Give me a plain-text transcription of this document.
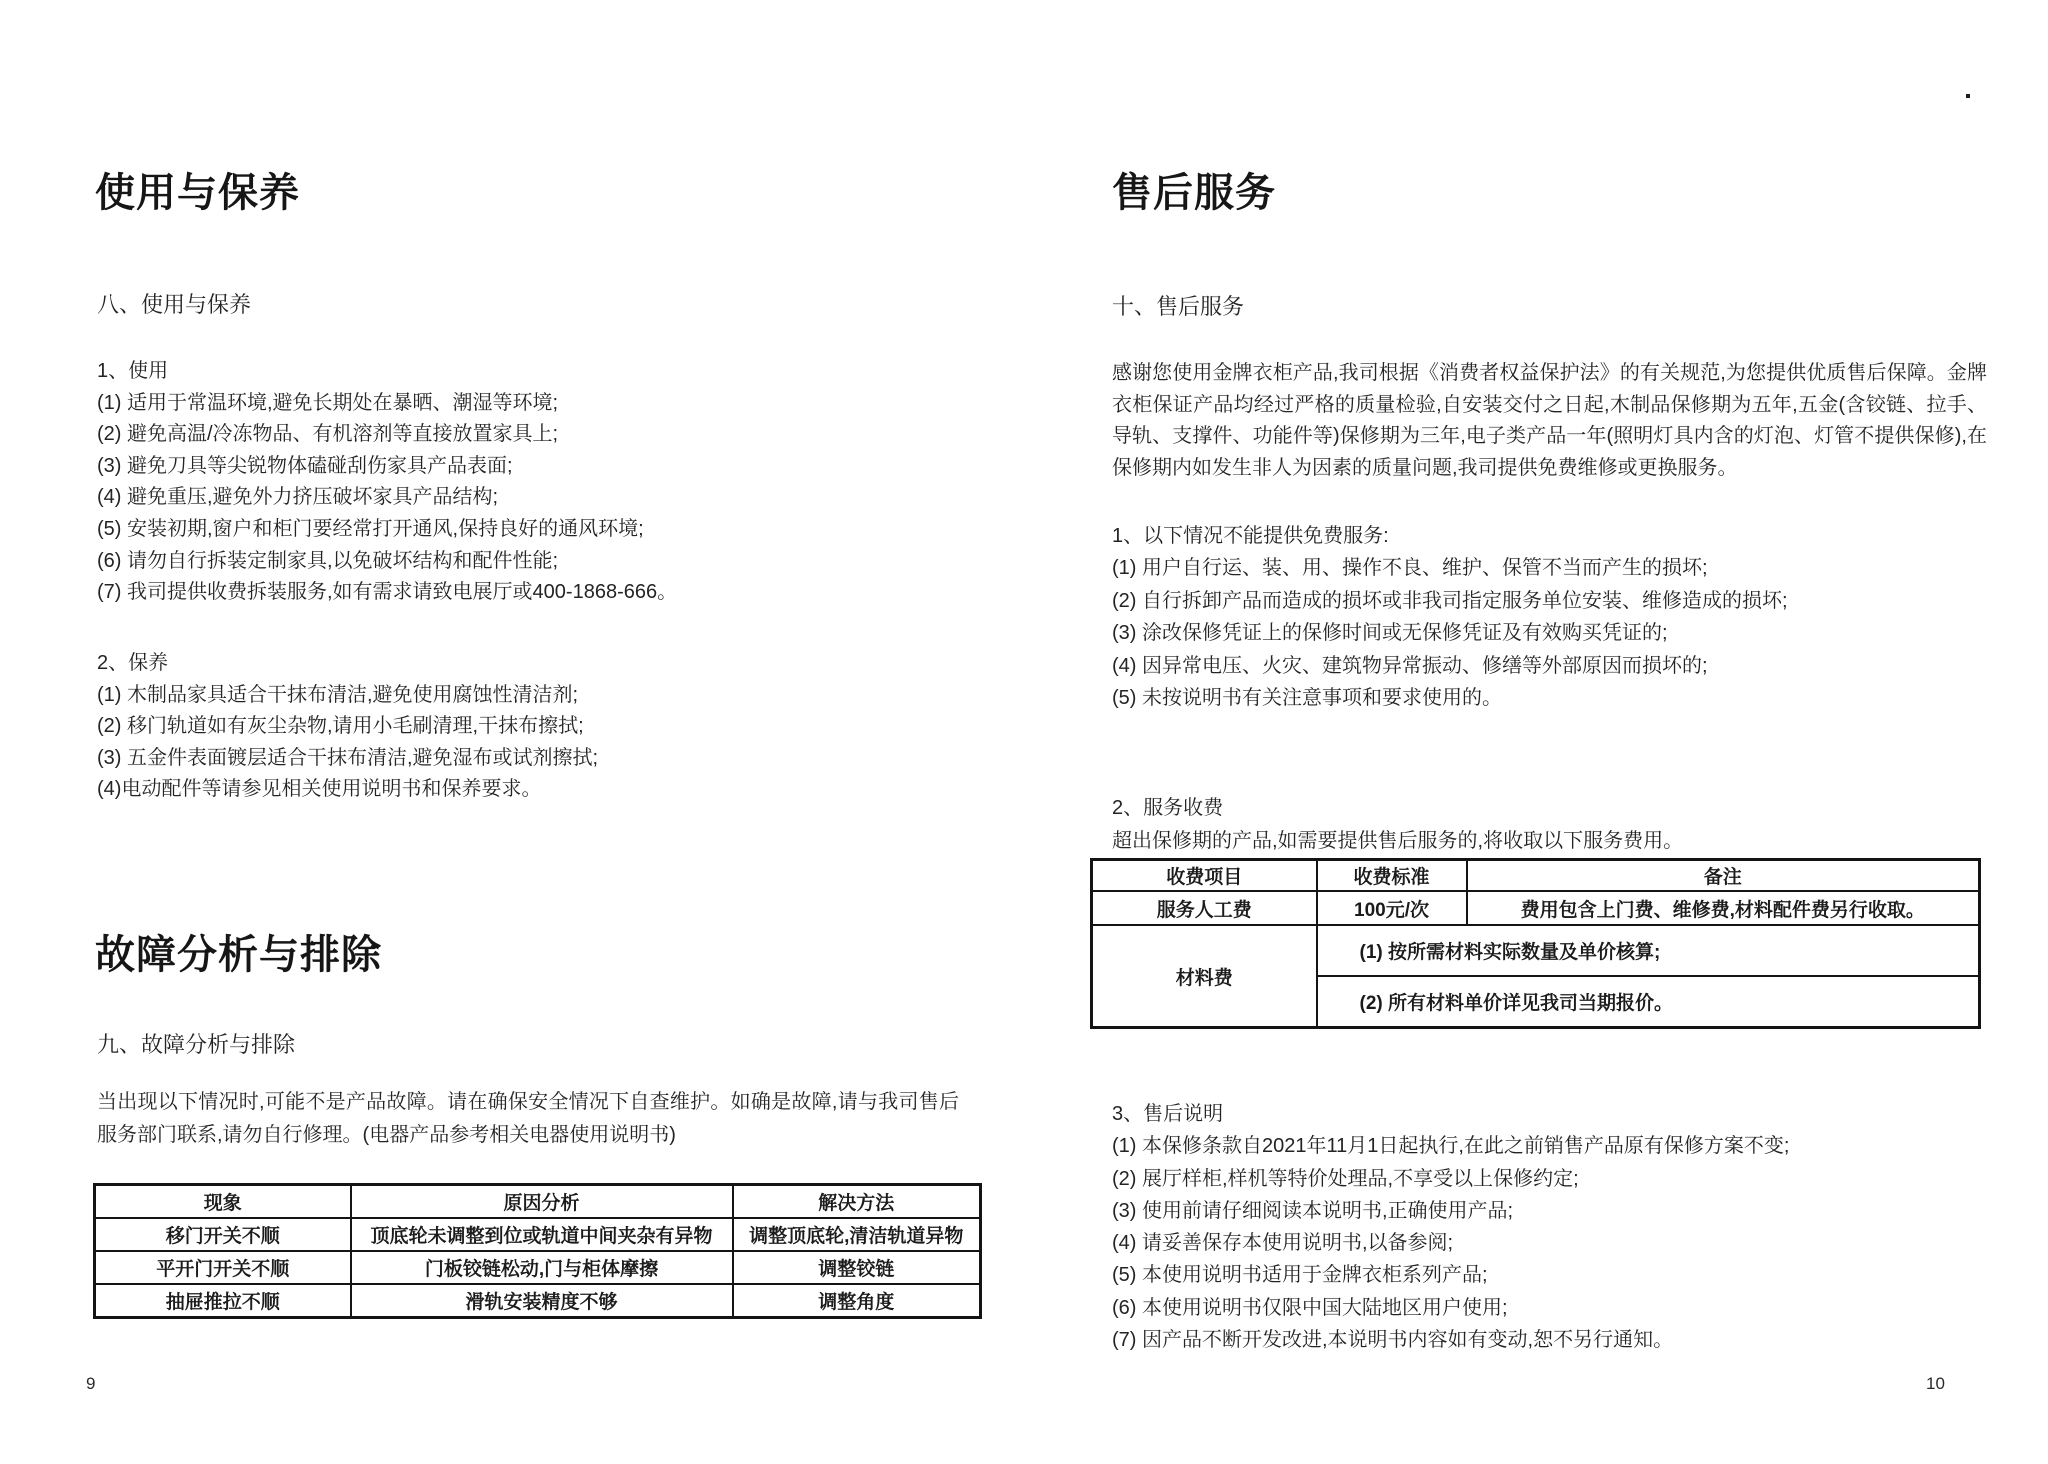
使用与保养
八、使用与保养
1、使用
(1) 适用于常温环境,避免长期处在暴晒、潮湿等环境;
(2) 避免高温/冷冻物品、有机溶剂等直接放置家具上;
(3) 避免刀具等尖锐物体磕碰刮伤家具产品表面;
(4) 避免重压,避免外力挤压破坏家具产品结构;
(5) 安装初期,窗户和柜门要经常打开通风,保持良好的通风环境;
(6) 请勿自行拆装定制家具,以免破坏结构和配件性能;
(7) 我司提供收费拆装服务,如有需求请致电展厅或400-1868-666。
2、保养
(1) 木制品家具适合干抹布清洁,避免使用腐蚀性清洁剂;
(2) 移门轨道如有灰尘杂物,请用小毛刷清理,干抹布擦拭;
(3) 五金件表面镀层适合干抹布清洁,避免湿布或试剂擦拭;
(4)电动配件等请参见相关使用说明书和保养要求。
故障分析与排除
九、故障分析与排除
当出现以下情况时,可能不是产品故障。请在确保安全情况下自查维护。如确是故障,请与我司售后服务部门联系,请勿自行修理。(电器产品参考相关电器使用说明书)
现象	原因分析	解决方法
移门开关不顺	顶底轮未调整到位或轨道中间夹杂有异物	调整顶底轮,清洁轨道异物
平开门开关不顺	门板铰链松动,门与柜体摩擦	调整铰链
抽屉推拉不顺	滑轨安装精度不够	调整角度
9
售后服务
十、售后服务
感谢您使用金牌衣柜产品,我司根据《消费者权益保护法》的有关规范,为您提供优质售后保障。金牌衣柜保证产品均经过严格的质量检验,自安装交付之日起,木制品保修期为五年,五金(含铰链、拉手、导轨、支撑件、功能件等)保修期为三年,电子类产品一年(照明灯具内含的灯泡、灯管不提供保修),在保修期内如发生非人为因素的质量问题,我司提供免费维修或更换服务。
1、以下情况不能提供免费服务:
(1) 用户自行运、装、用、操作不良、维护、保管不当而产生的损坏;
(2) 自行拆卸产品而造成的损坏或非我司指定服务单位安装、维修造成的损坏;
(3) 涂改保修凭证上的保修时间或无保修凭证及有效购买凭证的;
(4) 因异常电压、火灾、建筑物异常振动、修缮等外部原因而损坏的;
(5) 未按说明书有关注意事项和要求使用的。
2、服务收费
超出保修期的产品,如需要提供售后服务的,将收取以下服务费用。
收费项目	收费标准	备注
服务人工费	100元/次	费用包含上门费、维修费,材料配件费另行收取。
材料费	(1) 按所需材料实际数量及单价核算;	
	(2) 所有材料单价详见我司当期报价。	
3、售后说明
(1) 本保修条款自2021年11月1日起执行,在此之前销售产品原有保修方案不变;
(2) 展厅样柜,样机等特价处理品,不享受以上保修约定;
(3) 使用前请仔细阅读本说明书,正确使用产品;
(4) 请妥善保存本使用说明书,以备参阅;
(5) 本使用说明书适用于金牌衣柜系列产品;
(6) 本使用说明书仅限中国大陆地区用户使用;
(7) 因产品不断开发改进,本说明书内容如有变动,恕不另行通知。
10
